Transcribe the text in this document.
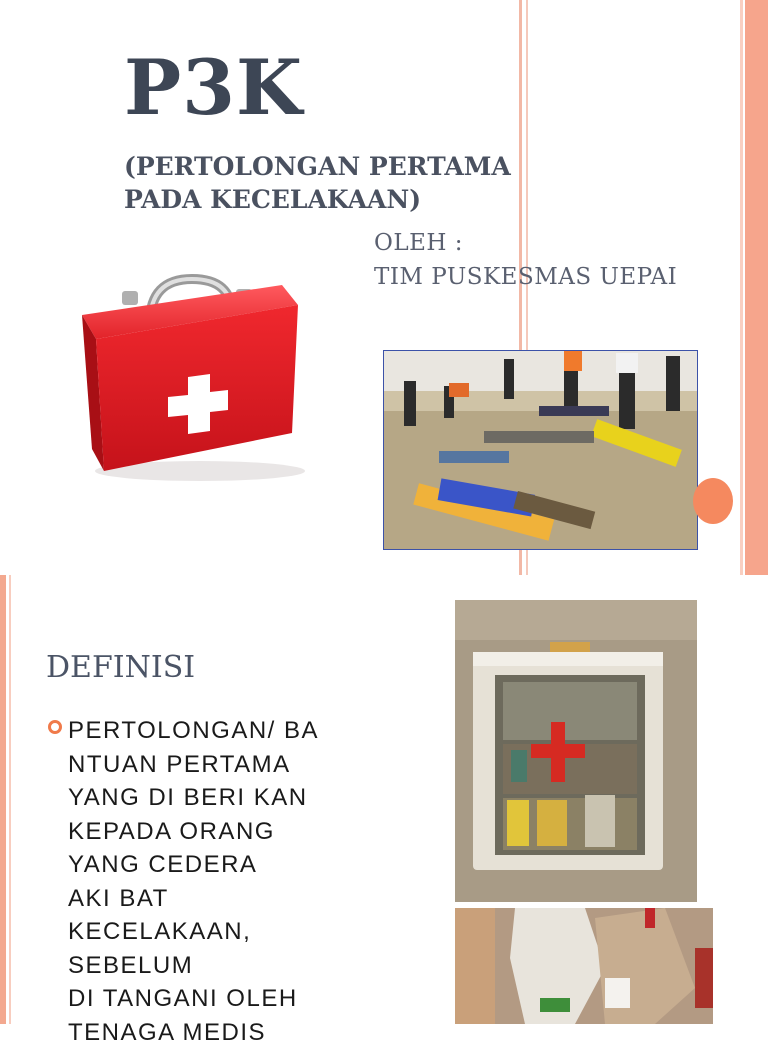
P3K
(PERTOLONGAN PERTAMA
PADA KECELAKAAN)
OLEH :
TIM PUSKESMAS UEPAI
DEFINISI
PERTOLONGAN/ BA
NTUAN PERTAMA
YANG DI BERI KAN
KEPADA ORANG
YANG CEDERA
AKI BAT
KECELAKAAN,
SEBELUM
DI TANGANI OLEH
TENAGA MEDIS
